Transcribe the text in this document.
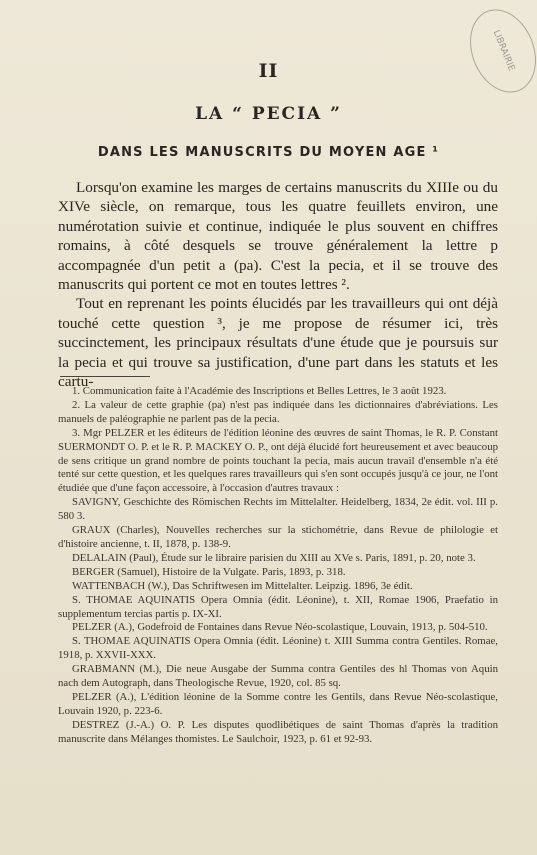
LIBRAIRIE
II
LA “ PECIA ”
DANS LES MANUSCRITS DU MOYEN AGE ¹

Lorsqu'on examine les marges de certains manuscrits du XIIIe ou du XIVe siècle, on remarque, tous les quatre feuillets environ, une numérotation suivie et continue, indiquée le plus souvent en chiffres romains, à côté desquels se trouve généralement la lettre p accompagnée d'un petit a (pa). C'est la pecia, et il se trouve des manuscrits qui portent ce mot en toutes lettres ².

Tout en reprenant les points élucidés par les travailleurs qui ont déjà touché cette question ³, je me propose de résumer ici, très succinctement, les principaux résultats d'une étude que je poursuis sur la pecia et qui trouve sa justification, d'une part dans les statuts et les cartu-

1. Communication faite à l'Académie des Inscriptions et Belles Lettres, le 3 août 1923.

2. La valeur de cette graphie (pa) n'est pas indiquée dans les dictionnaires d'abréviations. Les manuels de paléographie ne parlent pas de la pecia.

3. Mgr PELZER et les éditeurs de l'édition léonine des œuvres de saint Thomas, le R. P. Constant SUERMONDT O. P. et le R. P. MACKEY O. P., ont déjà élucidé fort heureusement et avec beaucoup de sens critique un grand nombre de points touchant la pecia, mais aucun travail d'ensemble n'a été tenté sur cette question, et les quelques rares travailleurs qui s'en sont occupés jusqu'à ce jour, ne l'ont étudiée que d'une façon accessoire, à l'occasion d'autres travaux :

SAVIGNY, Geschichte des Römischen Rechts im Mittelalter. Heidelberg, 1834, 2e édit. vol. III p. 580 3.

GRAUX (Charles), Nouvelles recherches sur la stichométrie, dans Revue de philologie et d'histoire ancienne, t. II, 1878, p. 138-9.

DELALAIN (Paul), Étude sur le libraire parisien du XIII au XVe s. Paris, 1891, p. 20, note 3.

BERGER (Samuel), Histoire de la Vulgate. Paris, 1893, p. 318.

WATTENBACH (W.), Das Schriftwesen im Mittelalter. Leipzig. 1896, 3e édit.

S. THOMAE AQUINATIS Opera Omnia (édit. Léonine), t. XII, Romae 1906, Praefatio in supplementum tercias partis p. IX-XI.

PELZER (A.), Godefroid de Fontaines dans Revue Néo-scolastique, Louvain, 1913, p. 504-510.

S. THOMAE AQUINATIS Opera Omnia (édit. Léonine) t. XIII Summa contra Gentiles. Romae, 1918, p. XXVII-XXX.

GRABMANN (M.), Die neue Ausgabe der Summa contra Gentiles des hl Thomas von Aquin nach dem Autograph, dans Theologische Revue, 1920, col. 85 sq.

PELZER (A.), L'édition léonine de la Somme contre les Gentils, dans Revue Néo-scolastique, Louvain 1920, p. 223-6.

DESTREZ (J.-A.) O. P. Les disputes quodlibétiques de saint Thomas d'après la tradition manuscrite dans Mélanges thomistes. Le Saulchoir, 1923, p. 61 et 92-93.
